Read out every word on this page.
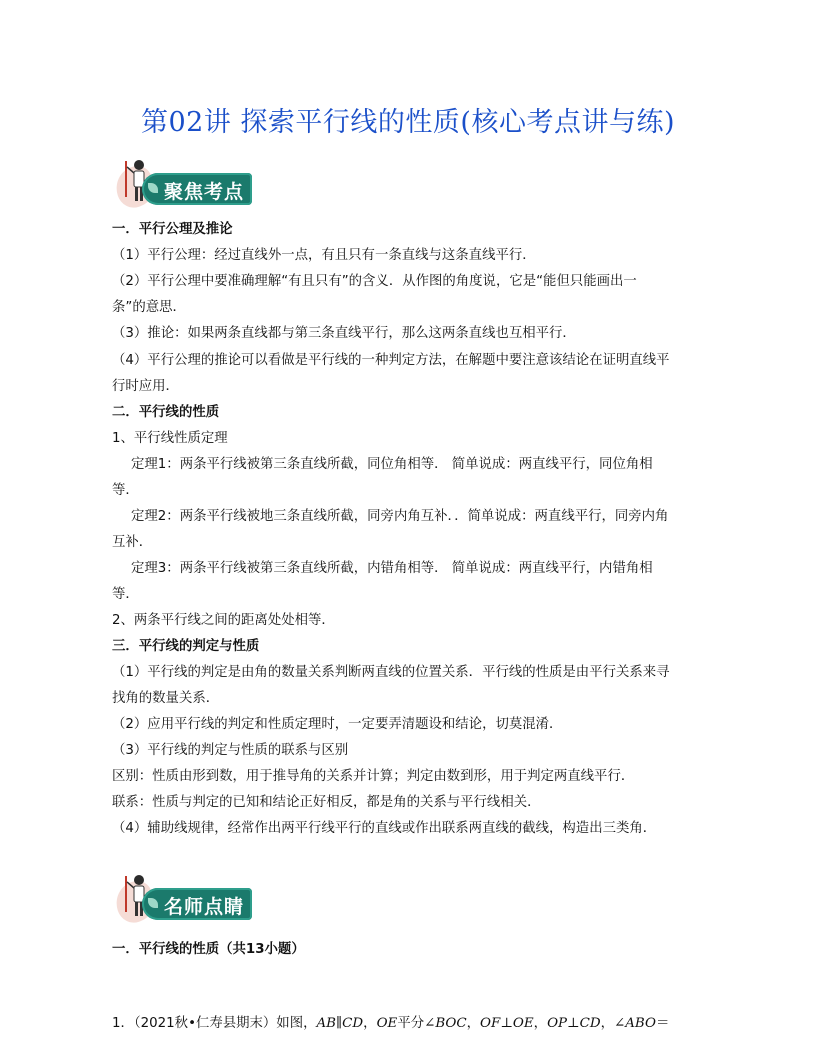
第02讲 探索平行线的性质(核心考点讲与练)
聚焦考点
一．平行公理及推论
（1）平行公理：经过直线外一点，有且只有一条直线与这条直线平行．
（2）平行公理中要准确理解“有且只有”的含义．从作图的角度说，它是“能但只能画出一
条”的意思．
（3）推论：如果两条直线都与第三条直线平行，那么这两条直线也互相平行．
（4）平行公理的推论可以看做是平行线的一种判定方法，在解题中要注意该结论在证明直线平
行时应用．
二．平行线的性质
1、平行线性质定理
定理1：两条平行线被第三条直线所截，同位角相等． 简单说成：两直线平行，同位角相
等．
定理2：两条平行线被地三条直线所截，同旁内角互补．．简单说成：两直线平行，同旁内角
互补．
定理3：两条平行线被第三条直线所截，内错角相等． 简单说成：两直线平行，内错角相
等．
2、两条平行线之间的距离处处相等．
三．平行线的判定与性质
（1）平行线的判定是由角的数量关系判断两直线的位置关系．平行线的性质是由平行关系来寻
找角的数量关系．
（2）应用平行线的判定和性质定理时，一定要弄清题设和结论，切莫混淆．
（3）平行线的判定与性质的联系与区别
区别：性质由形到数，用于推导角的关系并计算；判定由数到形，用于判定两直线平行．
联系：性质与判定的已知和结论正好相反，都是角的关系与平行线相关．
（4）辅助线规律，经常作出两平行线平行的直线或作出联系两直线的截线，构造出三类角．
名师点睛
一．平行线的性质（共13小题）
1．（2021秋•仁寿县期末）如图，AB∥CD，OE平分∠BOC，OF⊥OE，OP⊥CD，∠ABO＝
